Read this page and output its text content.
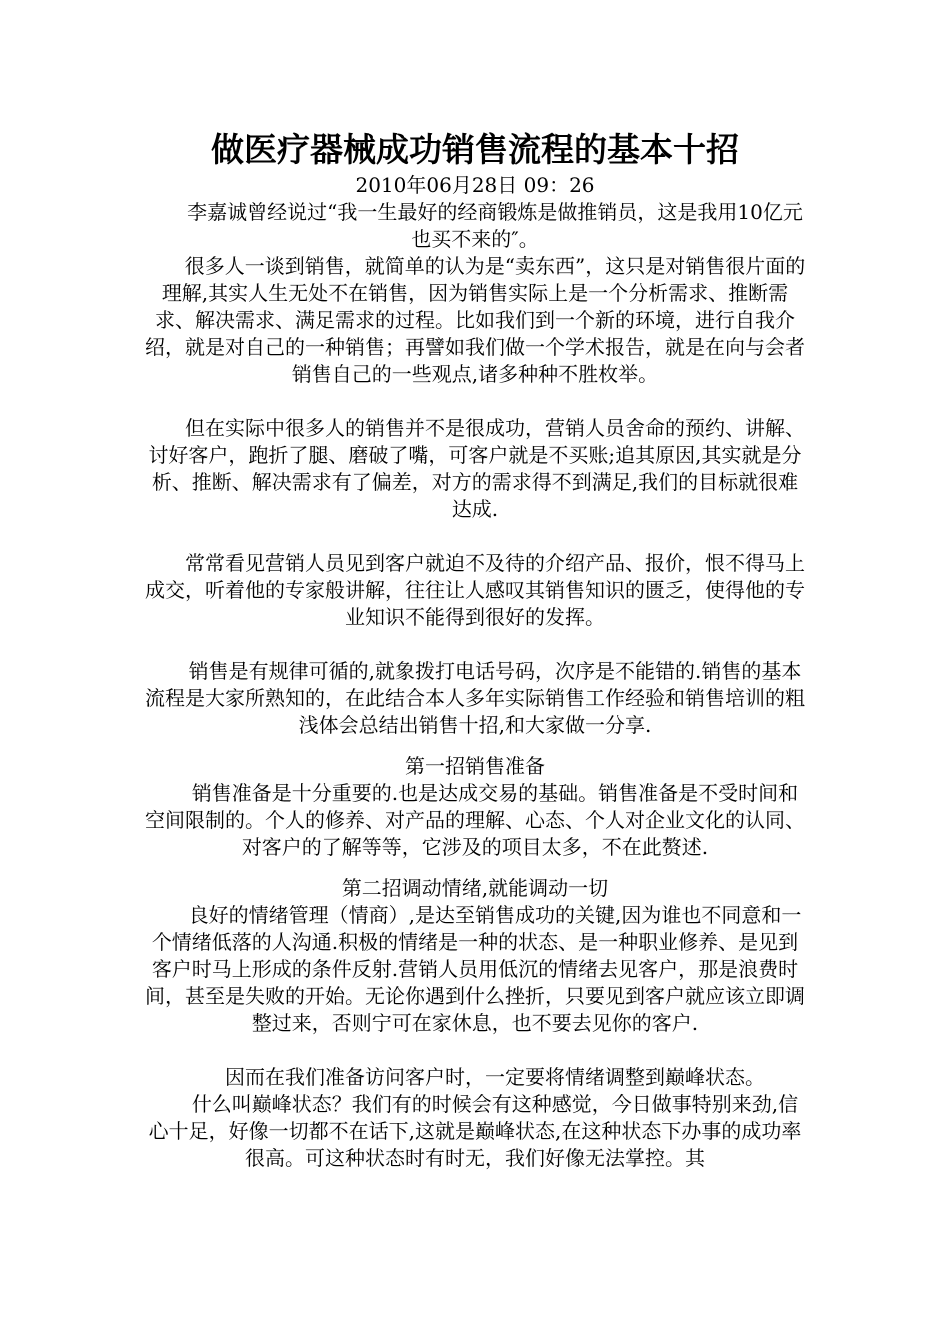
做医疗器械成功销售流程的基本十招

2010年06月28日 09：26

李嘉诚曾经说过“我一生最好的经商锻炼是做推销员，这是我用10亿元也买不来的″。

很多人一谈到销售，就简单的认为是“卖东西”，这只是对销售很片面的理解,其实人生无处不在销售，因为销售实际上是一个分析需求、推断需求、解决需求、满足需求的过程。比如我们到一个新的环境，进行自我介绍，就是对自己的一种销售；再譬如我们做一个学术报告，就是在向与会者销售自己的一些观点,诸多种种不胜枚举。

但在实际中很多人的销售并不是很成功，营销人员舍命的预约、讲解、讨好客户，跑折了腿、磨破了嘴，可客户就是不买账;追其原因,其实就是分析、推断、解决需求有了偏差，对方的需求得不到满足,我们的目标就很难达成.

常常看见营销人员见到客户就迫不及待的介绍产品、报价，恨不得马上成交，听着他的专家般讲解，往往让人感叹其销售知识的匮乏，使得他的专业知识不能得到很好的发挥。

销售是有规律可循的,就象拨打电话号码，次序是不能错的.销售的基本流程是大家所熟知的，在此结合本人多年实际销售工作经验和销售培训的粗浅体会总结出销售十招,和大家做一分享.

第一招销售准备

销售准备是十分重要的.也是达成交易的基础。销售准备是不受时间和空间限制的。个人的修养、对产品的理解、心态、个人对企业文化的认同、对客户的了解等等，它涉及的项目太多，不在此赘述.

第二招调动情绪,就能调动一切

良好的情绪管理（情商）,是达至销售成功的关键,因为谁也不同意和一个情绪低落的人沟通.积极的情绪是一种的状态、是一种职业修养、是见到客户时马上形成的条件反射.营销人员用低沉的情绪去见客户，那是浪费时间，甚至是失败的开始。无论你遇到什么挫折，只要见到客户就应该立即调整过来，否则宁可在家休息，也不要去见你的客户.

因而在我们准备访问客户时，一定要将情绪调整到巅峰状态。

什么叫巅峰状态？我们有的时候会有这种感觉，今日做事特别来劲,信心十足，好像一切都不在话下,这就是巅峰状态,在这种状态下办事的成功率很高。可这种状态时有时无，我们好像无法掌控。其
